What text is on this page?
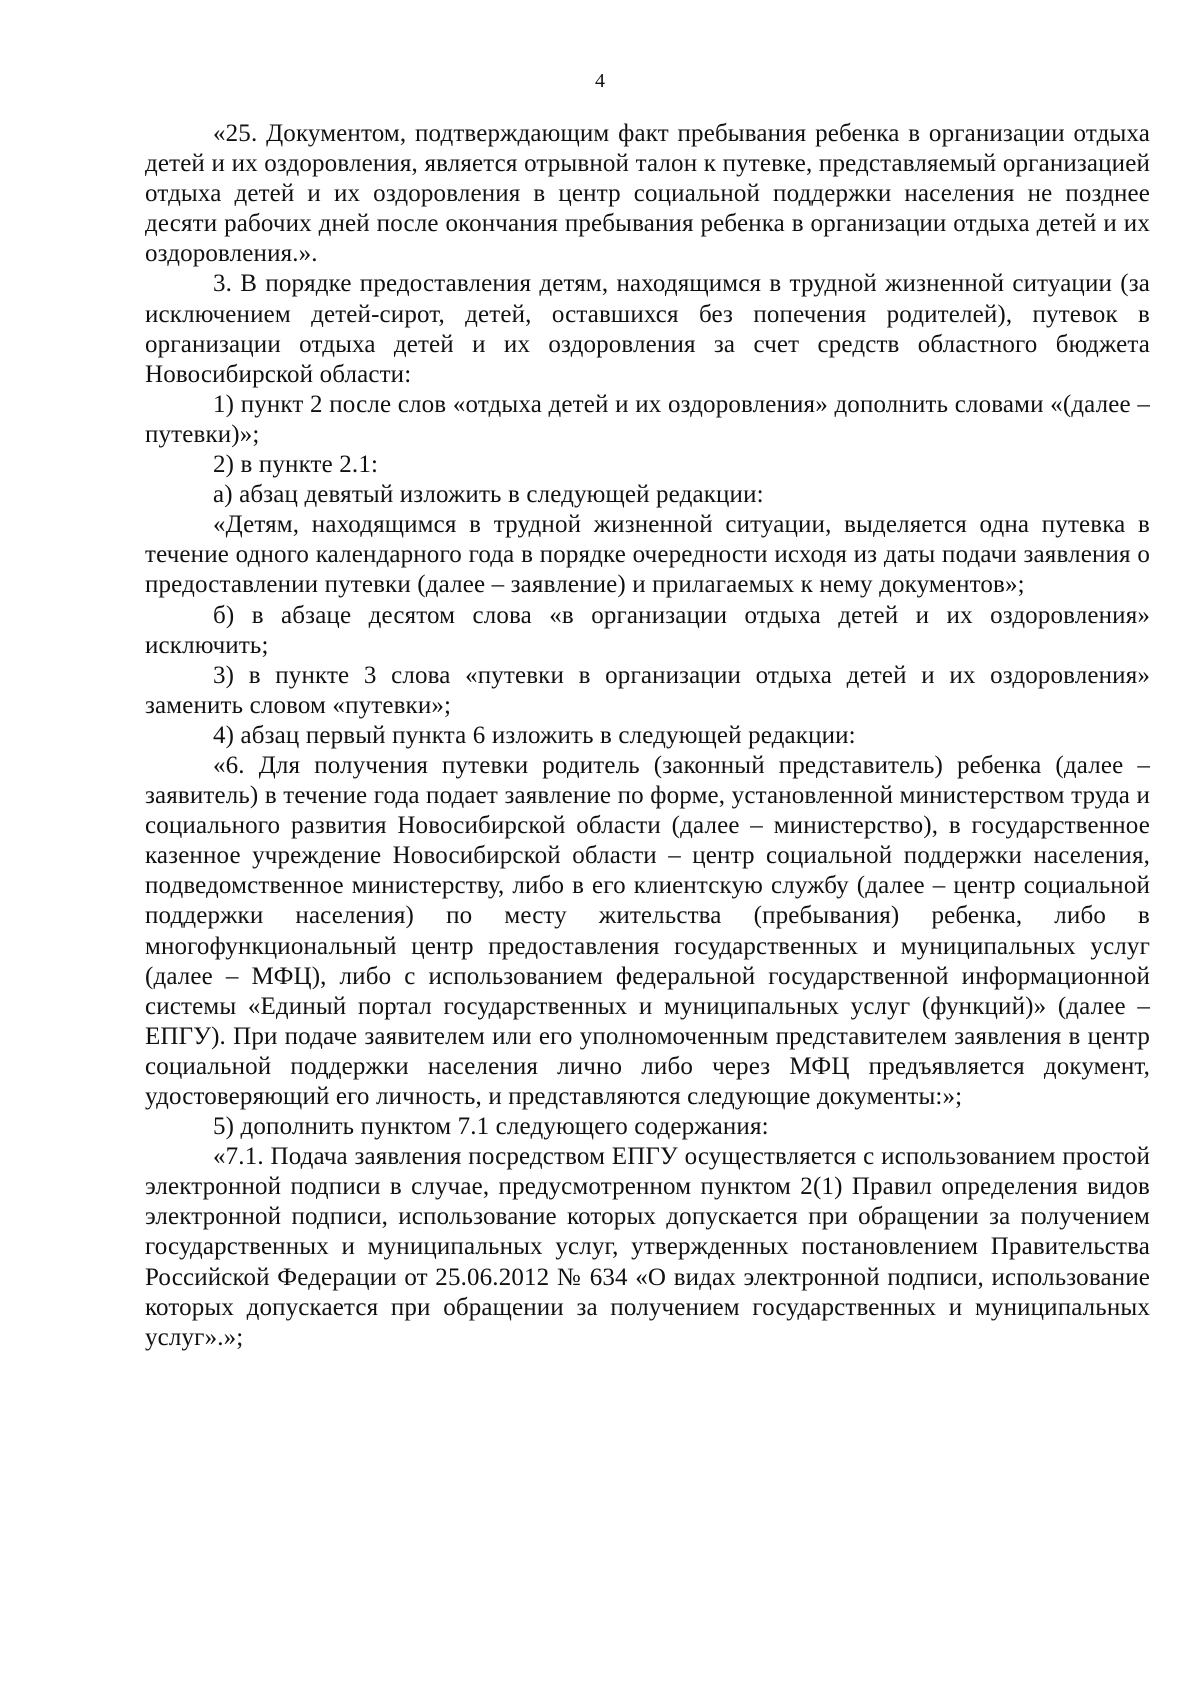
4

«25. Документом, подтверждающим факт пребывания ребенка в организации отдыха детей и их оздоровления, является отрывной талон к путевке, представляемый организацией отдыха детей и их оздоровления в центр социальной поддержки населения не позднее десяти рабочих дней после окончания пребывания ребенка в организации отдыха детей и их оздоровления.».

3. В порядке предоставления детям, находящимся в трудной жизненной ситуации (за исключением детей-сирот, детей, оставшихся без попечения родителей), путевок в организации отдыха детей и их оздоровления за счет средств областного бюджета Новосибирской области:

1) пункт 2 после слов «отдыха детей и их оздоровления» дополнить словами «(далее – путевки)»;

2) в пункте 2.1:

а) абзац девятый изложить в следующей редакции:

«Детям, находящимся в трудной жизненной ситуации, выделяется одна путевка в течение одного календарного года в порядке очередности исходя из даты подачи заявления о предоставлении путевки (далее – заявление) и прилагаемых к нему документов»;

б) в абзаце десятом слова «в организации отдыха детей и их оздоровления» исключить;

3) в пункте 3 слова «путевки в организации отдыха детей и их оздоровления» заменить словом «путевки»;

4) абзац первый пункта 6 изложить в следующей редакции:

«6. Для получения путевки родитель (законный представитель) ребенка (далее – заявитель) в течение года подает заявление по форме, установленной министерством труда и социального развития Новосибирской области (далее – министерство), в государственное казенное учреждение Новосибирской области – центр социальной поддержки населения, подведомственное министерству, либо в его клиентскую службу (далее – центр социальной поддержки населения) по месту жительства (пребывания) ребенка, либо в многофункциональный центр предоставления государственных и муниципальных услуг (далее – МФЦ), либо с использованием федеральной государственной информационной системы «Единый портал государственных и муниципальных услуг (функций)» (далее – ЕПГУ). При подаче заявителем или его уполномоченным представителем заявления в центр социальной поддержки населения лично либо через МФЦ предъявляется документ, удостоверяющий его личность, и представляются следующие документы:»;

5) дополнить пунктом 7.1 следующего содержания:

«7.1. Подача заявления посредством ЕПГУ осуществляется с использованием простой электронной подписи в случае, предусмотренном пунктом 2(1) Правил определения видов электронной подписи, использование которых допускается при обращении за получением государственных и муниципальных услуг, утвержденных постановлением Правительства Российской Федерации от 25.06.2012 № 634 «О видах электронной подписи, использование которых допускается при обращении за получением государственных и муниципальных услуг».»;
